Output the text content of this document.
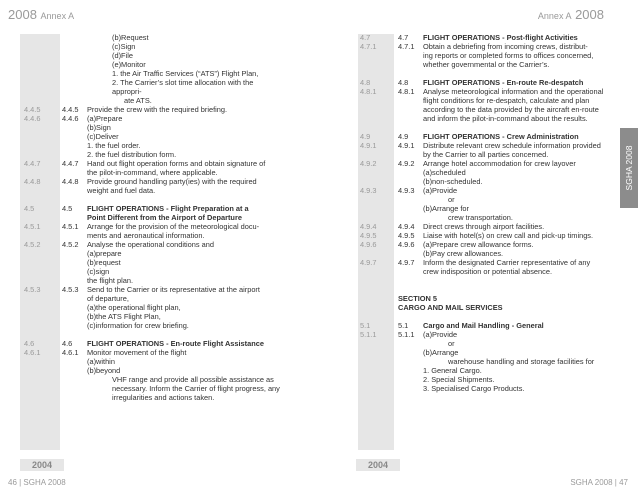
2008 Annex A	Annex A 2008
2004	2004
SGHA 2008
(b)Request
(c)Sign
(d)File
(e)Monitor
1. the Air Traffic Services (“ATS”) Flight Plan,
2. The Carrier’s slot time allocation with the appropri-
ate ATS.
4.4.5	4.4.5	Provide the crew with the required briefing.
4.4.6	4.4.6	(a)Prepare
(b)Sign
(c)Deliver
1. the fuel order.
2. the fuel distribution form.
4.4.7	4.4.7	Hand out flight operation forms and obtain signature of
the pilot-in-command, where applicable.
4.4.8	4.4.8	Provide ground handling party(ies) with the required
weight and fuel data.
4.5	4.5	FLIGHT OPERATIONS - Flight Preparation at a
Point Different from the Airport of Departure
4.5.1	4.5.1	Arrange for the provision of the meteorological docu-
ments and aeronautical information.
4.5.2	4.5.2	Analyse the operational conditions and
(a)prepare
(b)request
(c)sign
the flight plan.
4.5.3	4.5.3	Send to the Carrier or its representative at the airport
of departure,
(a)the operational flight plan,
(b)the ATS Flight Plan,
(c)information for crew briefing.
4.6	4.6	FLIGHT OPERATIONS - En-route Flight Assistance
4.6.1	4.6.1	Monitor movement of the flight
(a)within
(b)beyond
VHF range and provide all possible assistance as
necessary. Inform the Carrier of flight progress, any
irregularities and actions taken.
4.7	4.7	FLIGHT OPERATIONS - Post-flight Activities
4.7.1	4.7.1	Obtain a debriefing from incoming crews, distribut-
ing reports or completed forms to offices concerned,
whether governmental or the Carrier’s.
4.8	4.8	FLIGHT OPERATIONS - En-route Re-despatch
4.8.1	4.8.1	Analyse meteorological information and the operational
flight conditions for re-despatch, calculate and plan
according to the data provided by the aircraft en-route
and inform the pilot-in-command about the results.
4.9	4.9	FLIGHT OPERATIONS - Crew Administration
4.9.1	4.9.1	Distribute relevant crew schedule information provided
by the Carrier to all parties concerned.
4.9.2	4.9.2	Arrange hotel accommodation for crew layover
(a)scheduled
(b)non-scheduled.
4.9.3	4.9.3	(a)Provide
or
(b)Arrange for
crew transportation.
4.9.4	4.9.4	Direct crews through airport facilities.
4.9.5	4.9.5	Liaise with hotel(s) on crew call and pick-up timings.
4.9.6	4.9.6	(a)Prepare crew allowance forms.
(b)Pay crew allowances.
4.9.7	4.9.7	Inform the designated Carrier representative of any
crew indisposition or potential absence.
SECTION 5
CARGO AND MAIL SERVICES
5.1	5.1	Cargo and Mail Handling - General
5.1.1	5.1.1	(a)Provide
or
(b)Arrange
warehouse handling and storage facilities for
1. General Cargo.
2. Special Shipments.
3. Specialised Cargo Products.
46 | SGHA 2008	SGHA 2008 | 47
